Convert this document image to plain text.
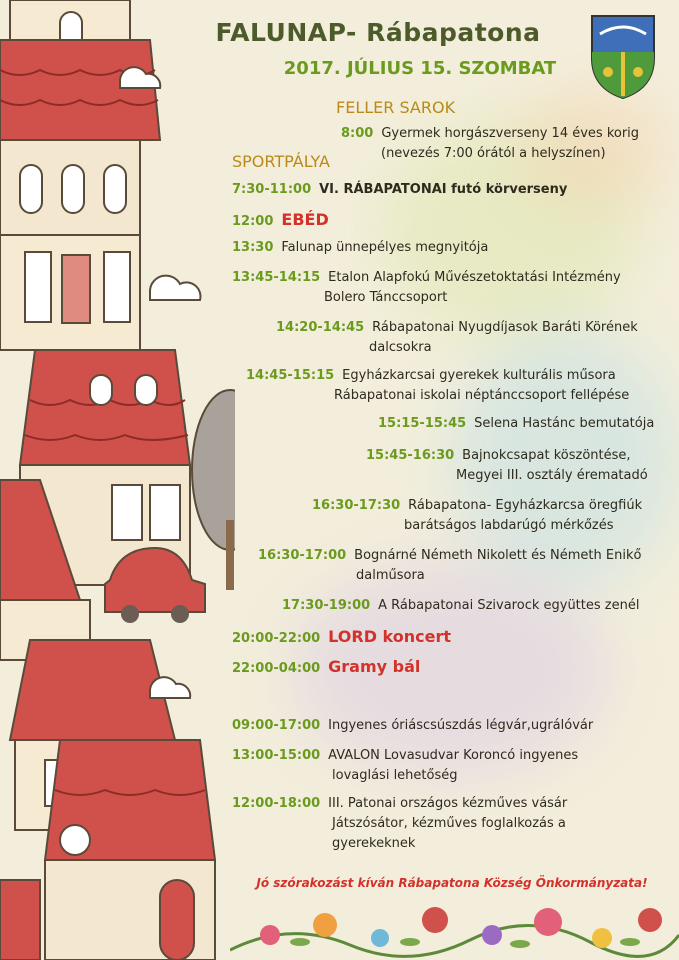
FALUNAP- Rábapatona
2017. JÚLIUS 15. SZOMBAT
FELLER SAROK
SPORTPÁLYA
8:00 Gyermek horgászverseny 14 éves korig
(nevezés 7:00 órától a helyszínen)
7:30-11:00 VI. RÁBAPATONAI futó körverseny
12:00 EBÉD
13:30 Falunap ünnepélyes megnyitója
13:45-14:15 Etalon Alapfokú Művészetoktatási Intézmény
Bolero Tánccsoport
14:20-14:45 Rábapatonai Nyugdíjasok Baráti Körének
dalcsokra
14:45-15:15 Egyházkarcsai gyerekek kulturális műsora
Rábapatonai iskolai néptánccsoport fellépése
15:15-15:45 Selena Hastánc bemutatója
15:45-16:30 Bajnokcsapat köszöntése,
Megyei III. osztály érematadó
16:30-17:30 Rábapatona- Egyházkarcsa öregfiúk
barátságos labdarúgó mérkőzés
16:30-17:00 Bognárné Németh Nikolett és Németh Enikő
dalműsora
17:30-19:00 A Rábapatonai Szivarock együttes zenél
20:00-22:00 LORD koncert
22:00-04:00 Gramy bál
09:00-17:00 Ingyenes óriáscsúszdás légvár,ugrálóvár
13:00-15:00 AVALON Lovasudvar Koroncó ingyenes
lovaglási lehetőség
12:00-18:00 III. Patonai országos kézműves vásár
Játszósátor, kézműves foglalkozás a
gyerekeknek
Jó szórakozást kíván Rábapatona Község Önkormányzata!
